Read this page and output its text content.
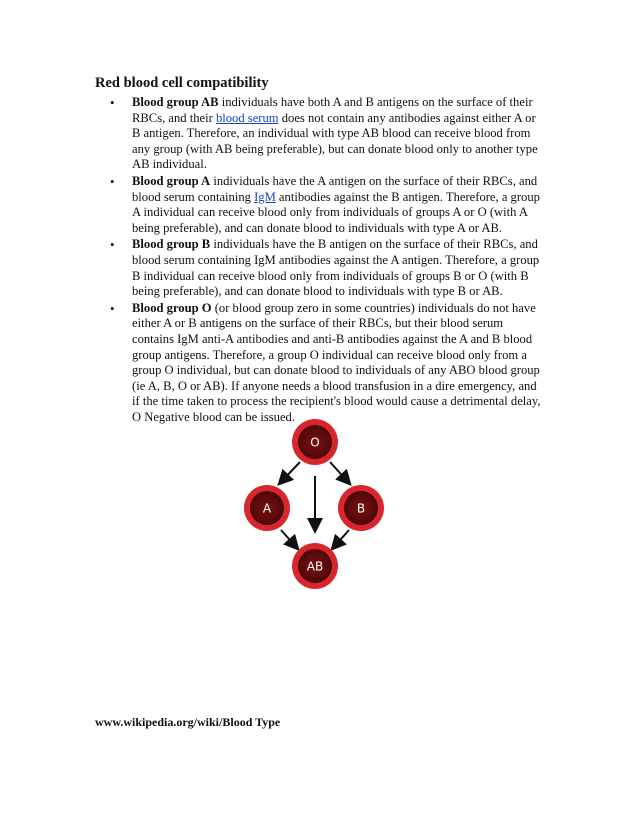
Red blood cell compatibility

• Blood group AB individuals have both A and B antigens on the surface of their RBCs, and their blood serum does not contain any antibodies against either A or B antigen. Therefore, an individual with type AB blood can receive blood from any group (with AB being preferable), but can donate blood only to another type AB individual.
• Blood group A individuals have the A antigen on the surface of their RBCs, and blood serum containing IgM antibodies against the B antigen. Therefore, a group A individual can receive blood only from individuals of groups A or O (with A being preferable), and can donate blood to individuals with type A or AB.
• Blood group B individuals have the B antigen on the surface of their RBCs, and blood serum containing IgM antibodies against the A antigen. Therefore, a group B individual can receive blood only from individuals of groups B or O (with B being preferable), and can donate blood to individuals with type B or AB.
• Blood group O (or blood group zero in some countries) individuals do not have either A or B antigens on the surface of their RBCs, but their blood serum contains IgM anti-A antibodies and anti-B antibodies against the A and B blood group antigens. Therefore, a group O individual can receive blood only from a group O individual, but can donate blood to individuals of any ABO blood group (ie A, B, O or AB). If anyone needs a blood transfusion in a dire emergency, and if the time taken to process the recipient's blood would cause a detrimental delay, O Negative blood can be issued.
O
A	B
AB

www.wikipedia.org/wiki/Blood Type
